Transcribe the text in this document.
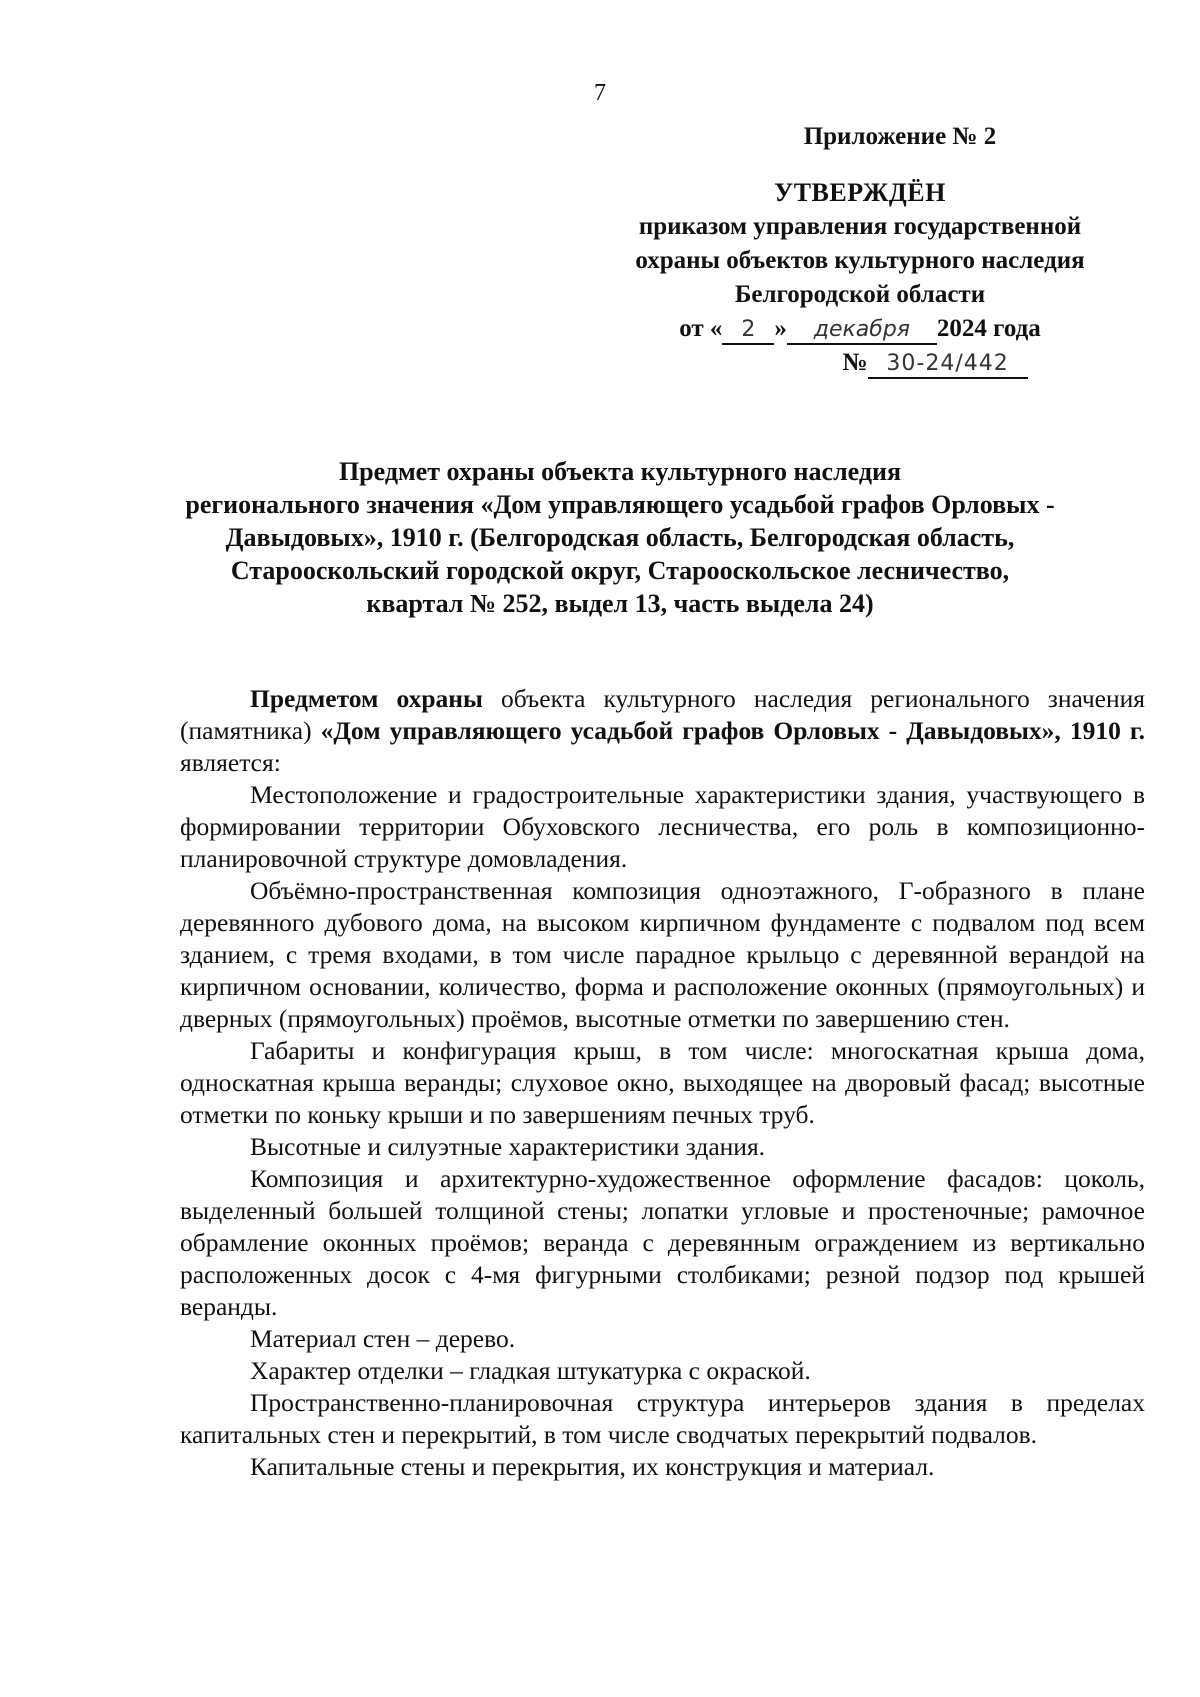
7
Приложение № 2
УТВЕРЖДЁН
приказом управления государственной
охраны объектов культурного наследия
Белгородской области
от « 2 » декабря 2024 года
№ 30-24/442
Предмет охраны объекта культурного наследия
регионального значения «Дом управляющего усадьбой графов Орловых -
Давыдовых», 1910 г. (Белгородская область, Белгородская область,
Старооскольский городской округ, Старооскольское лесничество,
квартал № 252, выдел 13, часть выдела 24)

Предметом охраны объекта культурного наследия регионального значения (памятника) «Дом управляющего усадьбой графов Орловых - Давыдовых», 1910 г. является:

Местоположение и градостроительные характеристики здания, участвующего в формировании территории Обуховского лесничества, его роль в композиционно-планировочной структуре домовладения.

Объёмно-пространственная композиция одноэтажного, Г-образного в плане деревянного дубового дома, на высоком кирпичном фундаменте с подвалом под всем зданием, с тремя входами, в том числе парадное крыльцо с деревянной верандой на кирпичном основании, количество, форма и расположение оконных (прямоугольных) и дверных (прямоугольных) проёмов, высотные отметки по завершению стен.

Габариты и конфигурация крыш, в том числе: многоскатная крыша дома, односкатная крыша веранды; слуховое окно, выходящее на дворовый фасад; высотные отметки по коньку крыши и по завершениям печных труб.

Высотные и силуэтные характеристики здания.

Композиция и архитектурно-художественное оформление фасадов: цоколь, выделенный большей толщиной стены; лопатки угловые и простеночные; рамочное обрамление оконных проёмов; веранда с деревянным ограждением из вертикально расположенных досок с 4-мя фигурными столбиками; резной подзор под крышей веранды.

Материал стен – дерево.

Характер отделки – гладкая штукатурка с окраской.

Пространственно-планировочная структура интерьеров здания в пределах капитальных стен и перекрытий, в том числе сводчатых перекрытий подвалов.

Капитальные стены и перекрытия, их конструкция и материал.
